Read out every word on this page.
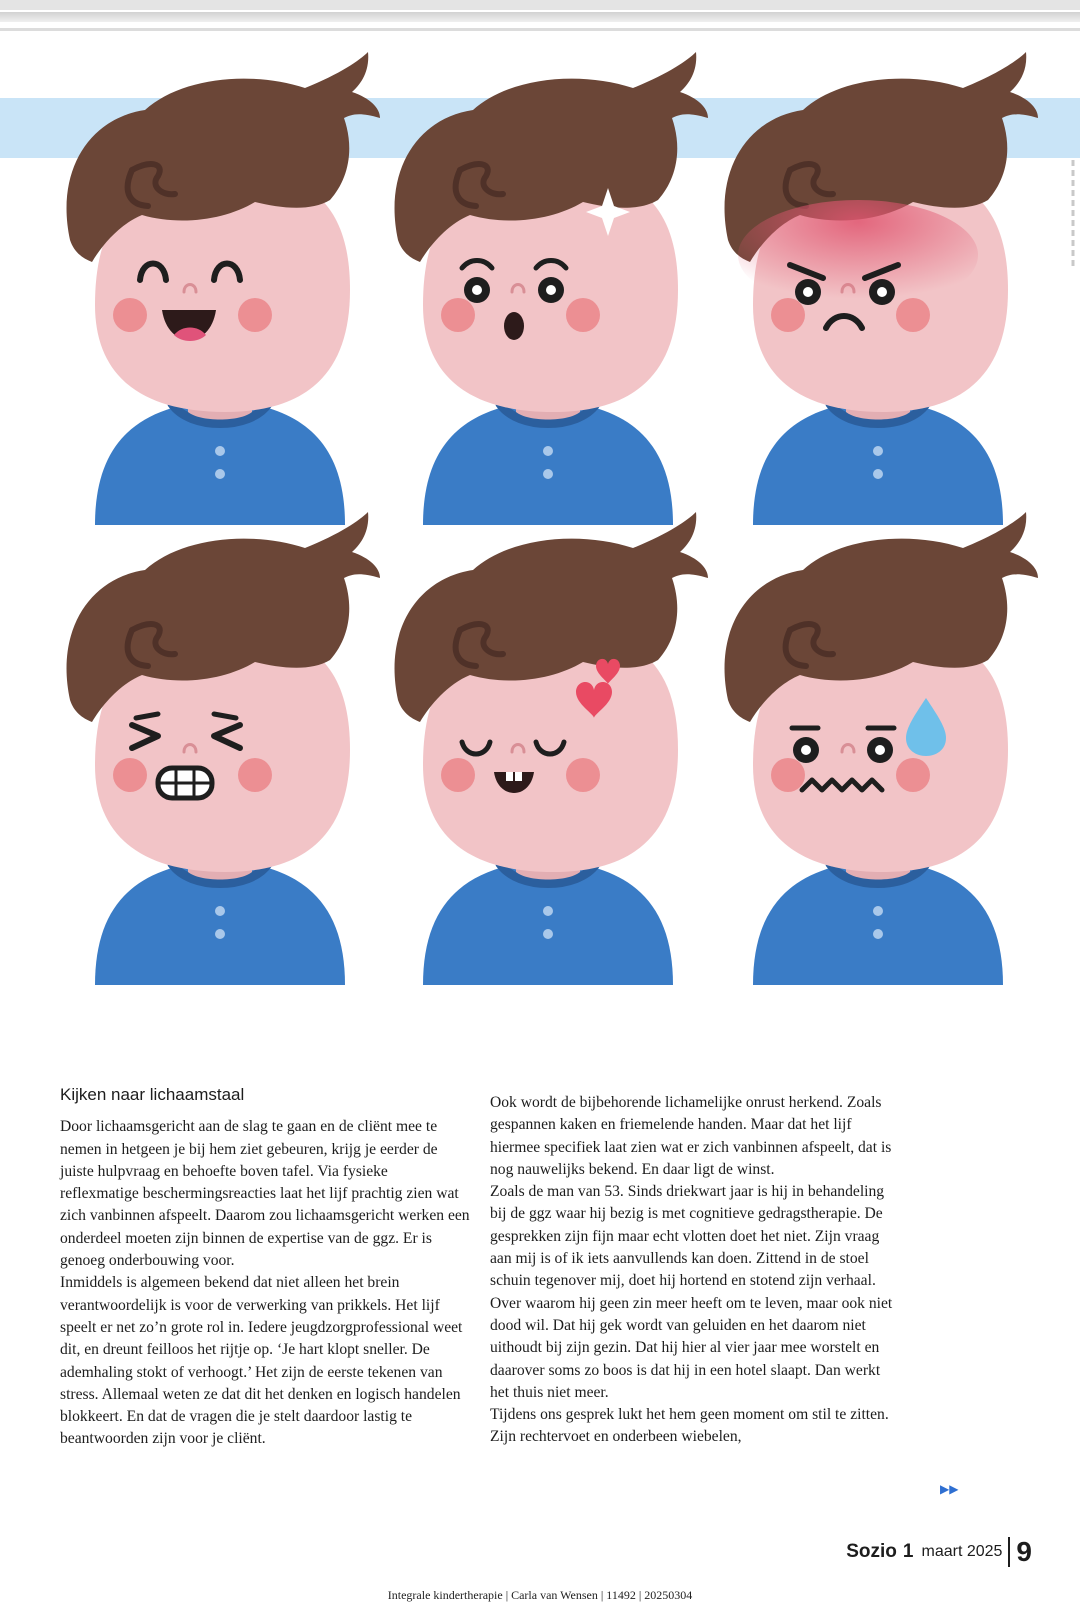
Kijken naar lichaamstaal

Door lichaamsgericht aan de slag te gaan en de cliënt mee te nemen in hetgeen je bij hem ziet gebeuren, krijg je eerder de juiste hulpvraag en behoefte boven tafel. Via fysieke reflexmatige beschermingsreacties laat het lijf prachtig zien wat zich vanbinnen afspeelt. Daarom zou lichaamsgericht werken een onderdeel moeten zijn binnen de expertise van de ggz. Er is genoeg onderbouwing voor.

Inmiddels is algemeen bekend dat niet alleen het brein verantwoordelijk is voor de verwerking van prikkels. Het lijf speelt er net zo’n grote rol in. Iedere jeugdzorgprofessional weet dit, en dreunt feilloos het rijtje op. ‘Je hart klopt sneller. De ademhaling stokt of verhoogt.’ Het zijn de eerste tekenen van stress. Allemaal weten ze dat dit het denken en logisch handelen blokkeert. En dat de vragen die je stelt daardoor lastig te beantwoorden zijn voor je cliënt.

Ook wordt de bijbehorende lichamelijke onrust herkend. Zoals gespannen kaken en friemelende handen. Maar dat het lijf hiermee specifiek laat zien wat er zich vanbinnen afspeelt, dat is nog nauwelijks bekend. En daar ligt de winst.

Zoals de man van 53. Sinds driekwart jaar is hij in behandeling bij de ggz waar hij bezig is met cognitieve gedragstherapie. De gesprekken zijn fijn maar echt vlotten doet het niet. Zijn vraag aan mij is of ik iets aanvullends kan doen. Zittend in de stoel schuin tegenover mij, doet hij hortend en stotend zijn verhaal. Over waarom hij geen zin meer heeft om te leven, maar ook niet dood wil. Dat hij gek wordt van geluiden en het daarom niet uithoudt bij zijn gezin. Dat hij hier al vier jaar mee worstelt en daarover soms zo boos is dat hij in een hotel slaapt. Dan werkt het thuis niet meer.

Tijdens ons gesprek lukt het hem geen moment om stil te zitten. Zijn rechtervoet en onderbeen wiebelen,

▶▶
Sozio 1 maart 2025 9
Integrale kindertherapie | Carla van Wensen | 11492 | 20250304
